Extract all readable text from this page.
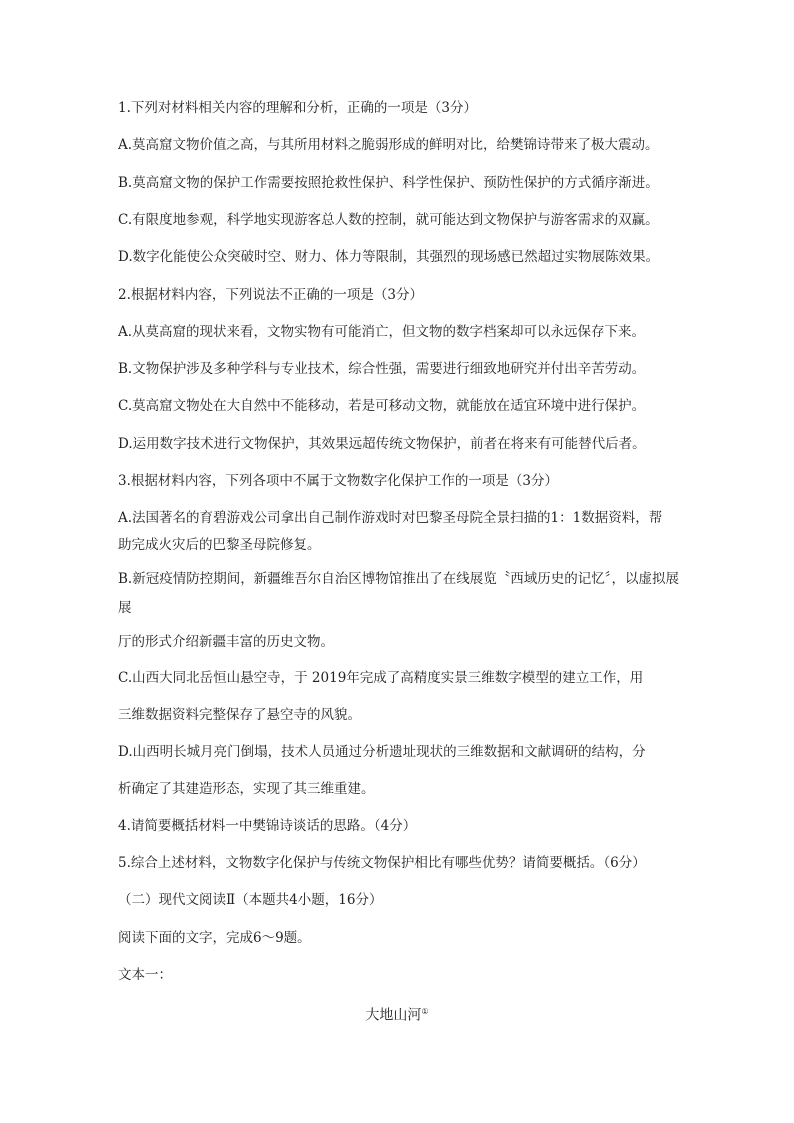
1.下列对材料相关内容的理解和分析，正确的一项是（3分）
A.莫高窟文物价值之高，与其所用材料之脆弱形成的鲜明对比，给樊锦诗带来了极大震动。
B.莫高窟文物的保护工作需要按照抢救性保护、科学性保护、预防性保护的方式循序渐进。
C.有限度地参观，科学地实现游客总人数的控制，就可能达到文物保护与游客需求的双赢。
D.数字化能使公众突破时空、财力、体力等限制，其强烈的现场感已然超过实物展陈效果。
2.根据材料内容，下列说法不正确的一项是（3分）
A.从莫高窟的现状来看，文物实物有可能消亡，但文物的数字档案却可以永远保存下来。
B.文物保护涉及多种学科与专业技术，综合性强，需要进行细致地研究并付出辛苦劳动。
C.莫高窟文物处在大自然中不能移动，若是可移动文物，就能放在适宜环境中进行保护。
D.运用数字技术进行文物保护，其效果远超传统文物保护，前者在将来有可能替代后者。
3.根据材料内容，下列各项中不属于文物数字化保护工作的一项是（3分）
A.法国著名的育碧游戏公司拿出自己制作游戏时对巴黎圣母院全景扫描的1：1数据资料，帮助完成火灾后的巴黎圣母院修复。
B.新冠疫情防控期间，新疆维吾尔自治区博物馆推出了在线展览〝西域历史的记忆〞，以虚拟展
展
厅的形式介绍新疆丰富的历史文物。
C.山西大同北岳恒山悬空寺，于 2019年完成了高精度实景三维数字模型的建立工作，用
三维数据资料完整保存了悬空寺的风貌。
D.山西明长城月亮门倒塌，技术人员通过分析遗址现状的三维数据和文献调研的结构，分
析确定了其建造形态，实现了其三维重建。
4.请简要概括材料一中樊锦诗谈话的思路。（4分）
5.综合上述材料，文物数字化保护与传统文物保护相比有哪些优势？请简要概括。（6分）
（二）现代文阅读Ⅱ（本题共4小题，16分）
阅读下面的文字，完成6～9题。
文本一：
大地山河①
